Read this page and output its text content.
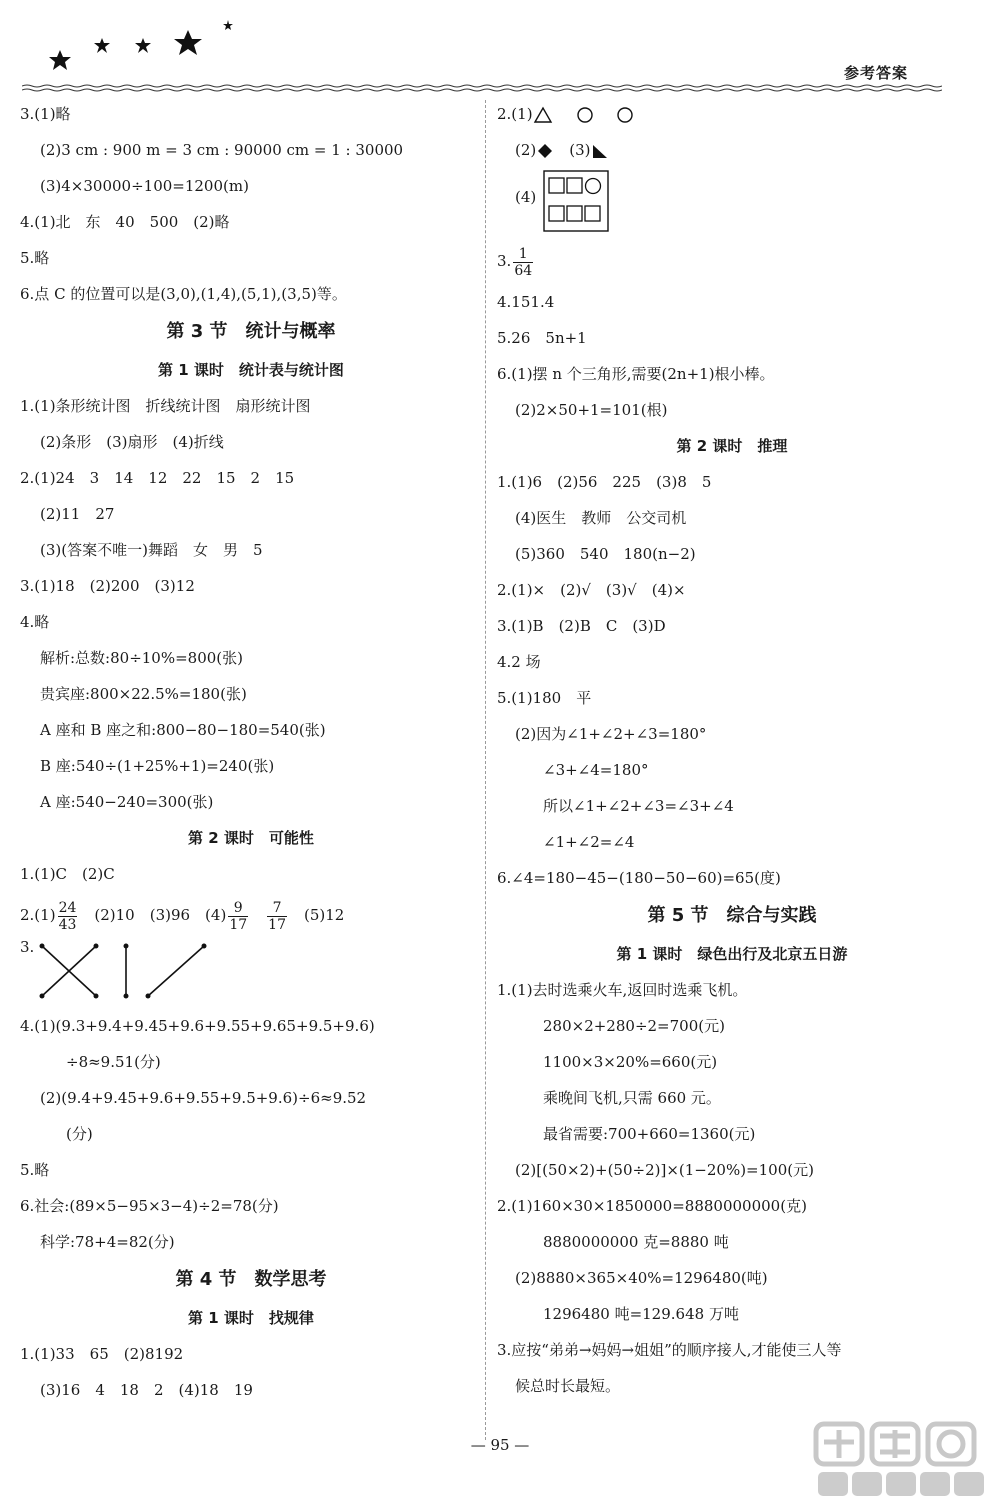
参考答案
3.(1)略
(2)3 cm : 900 m = 3 cm : 90000 cm = 1 : 30000
(3)4×30000÷100=1200(m)
4.(1)北　东　40　500　(2)略
5.略
6.点 C 的位置可以是(3,0),(1,4),(5,1),(3,5)等。
第 3 节　统计与概率
第 1 课时　统计表与统计图
1.(1)条形统计图　折线统计图　扇形统计图
(2)条形　(3)扇形　(4)折线
2.(1)24　3　14　12　22　15　2　15
(2)11　27
(3)(答案不唯一)舞蹈　女　男　5
3.(1)18　(2)200　(3)12
4.略
解析:总数:80÷10%=800(张)
贵宾座:800×22.5%=180(张)
A 座和 B 座之和:800−80−180=540(张)
B 座:540÷(1+25%+1)=240(张)
A 座:540−240=300(张)
第 2 课时　可能性
1.(1)C　(2)C
$2.(1) \frac{24}{43}$ 　(2)10　(3)96　$(4) \frac{9}{17}$
　 $\frac{7}{17}$ 　(5)12
3.
4.(1)(9.3+9.4+9.45+9.6+9.55+9.65+9.5+9.6)
÷8≈9.51(分)
(2)(9.4+9.45+9.6+9.55+9.5+9.6)÷6≈9.52
(分)
5.略
6.社会:(89×5−95×3−4)÷2=78(分)
科学:78+4=82(分)
第 4 节　数学思考
第 1 课时　找规律
1.(1)33　65　(2)8192
(3)16　4　18　2　(4)18　19
2.(1)
(2)　(3)
(4)
3. $\frac{1}{64}$
4.151.4
5.26　5n+1
6.(1)摆 n 个三角形,需要(2n+1)根小棒。
(2)2×50+1=101(根)
第 2 课时　推理
1.(1)6　(2)56　225　(3)8　5
(4)医生　教师　公交司机
(5)360　540　180(n−2)
2.(1)×　(2)√　(3)√　(4)×
3.(1)B　(2)B　C　(3)D
4.2 场
5.(1)180　平
(2)因为∠1+∠2+∠3=180°
∠3+∠4=180°
所以∠1+∠2+∠3=∠3+∠4
∠1+∠2=∠4
6.∠4=180−45−(180−50−60)=65(度)
第 5 节　综合与实践
第 1 课时　绿色出行及北京五日游
1.(1)去时选乘火车,返回时选乘飞机。
280×2+280÷2=700(元)
1100×3×20%=660(元)
乘晚间飞机,只需 660 元。
最省需要:700+660=1360(元)
(2)[(50×2)+(50÷2)]×(1−20%)=100(元)
2.(1)160×30×1850000=8880000000(克)
8880000000 克=8880 吨
(2)8880×365×40%=1296480(吨)
1296480 吨=129.648 万吨
3.应按“弟弟→妈妈→姐姐”的顺序接人,才能使三人等
候总时长最短。
— 95 —
